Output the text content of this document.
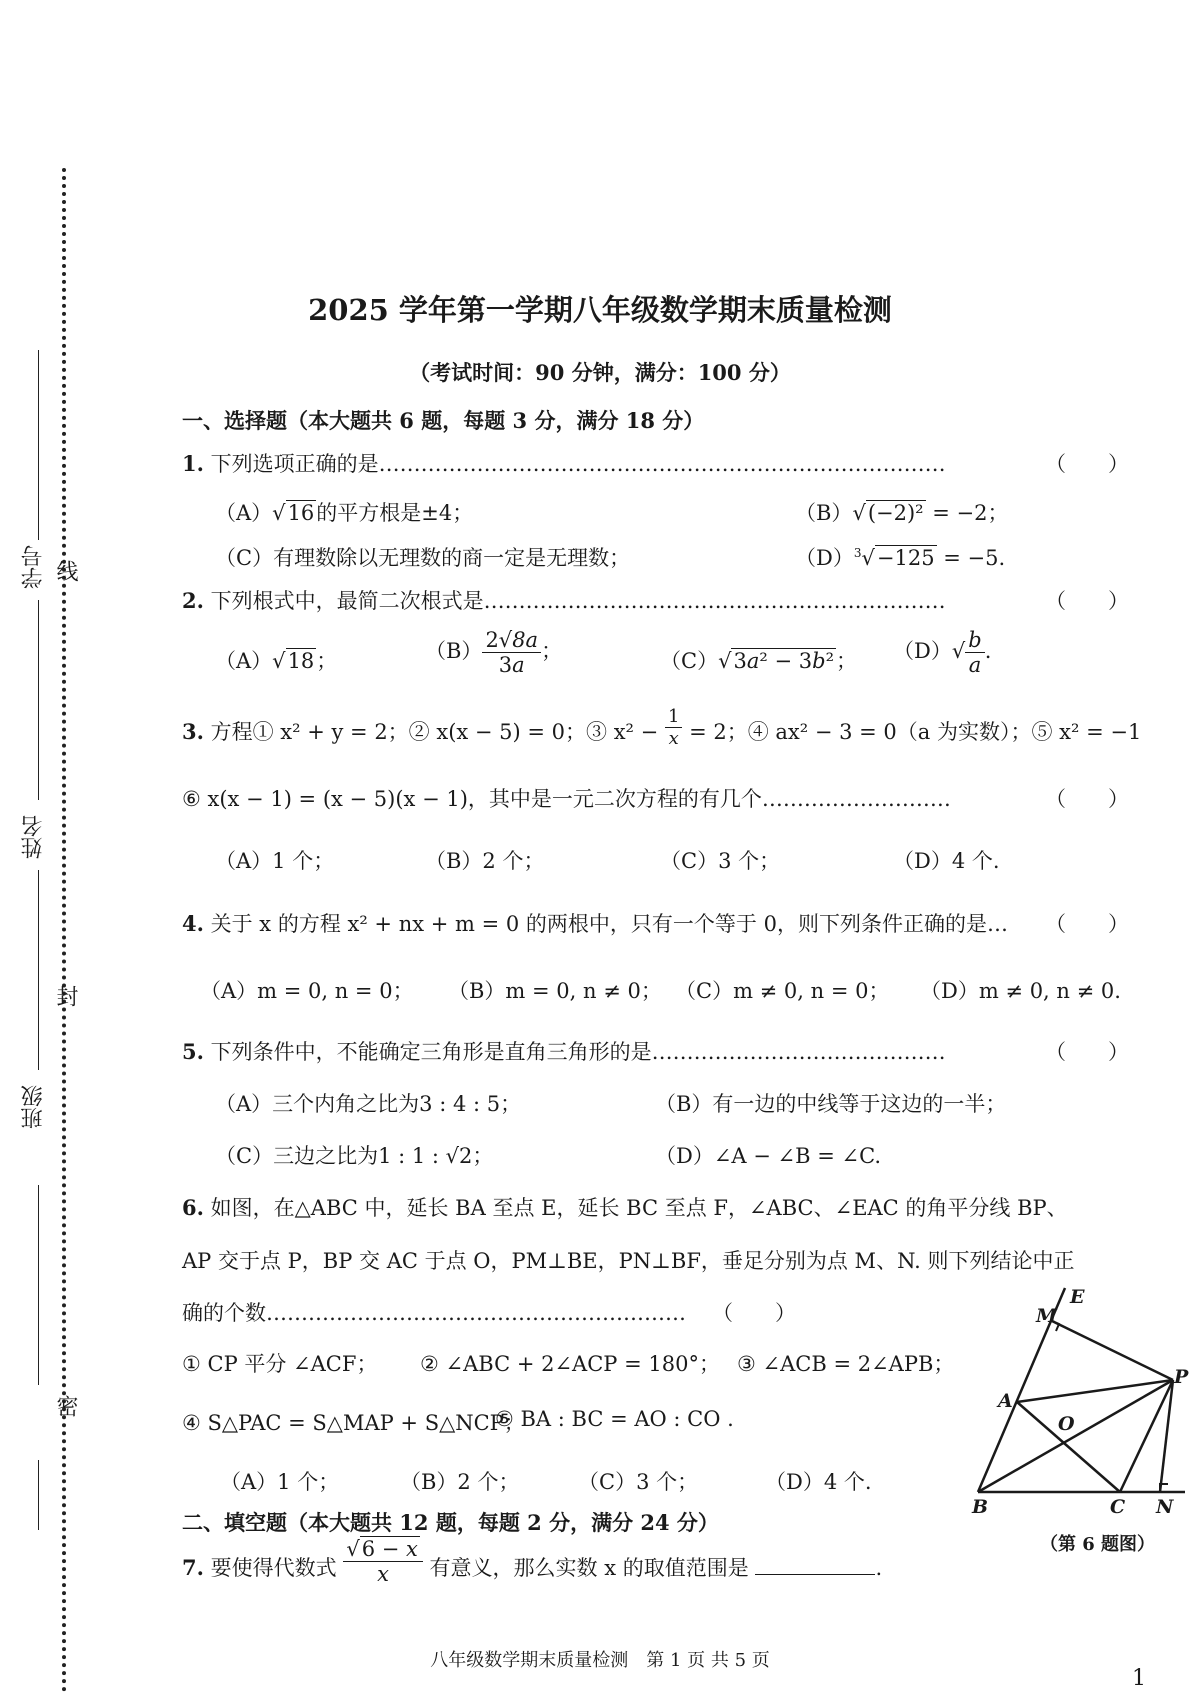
学号 线
姓名
封
班级
密
2025 学年第一学期八年级数学期末质量检测
（考试时间：90 分钟，满分：100 分）
一、选择题（本大题共 6 题，每题 3 分，满分 18 分）
1. 下列选项正确的是………………………………………………………………………	（　　）
（A）√16的平方根是±4；	（B）√(−2)² = −2；
（C）有理数除以无理数的商一定是无理数；	$(D)^3√-125 = -5$.
2. 下列根式中，最简二次根式是…………………………………………………………	（　　）
（A）√18；	$(B) \frac{2√8a}{3a}$ ；	（C）√3a² − 3b²； $(D)√ \frac{b}{a}$ .
3. 方程① x² + y = 2；② x(x − 5) = 0；③ $x^2 - \frac{1}{x} = 2$；④ ax² − 3 = 0（a 为实数）；⑤ x² = −1
⑥ x(x − 1) = (x − 5)(x − 1)，其中是一元二次方程的有几个………………………	（　　）
（A）1 个；	（B）2 个；	（C）3 个；	（D）4 个.
4. 关于 x 的方程 x² + nx + m = 0 的两根中，只有一个等于 0，则下列条件正确的是… （　　）
（A）m = 0, n = 0； （B）m = 0, n ≠ 0； （C）m ≠ 0, n = 0； （D）m ≠ 0, n ≠ 0.
5. 下列条件中，不能确定三角形是直角三角形的是……………………………………	（　　）
（A）三个内角之比为3 : 4 : 5；	（B）有一边的中线等于这边的一半；
（C）三边之比为1 : 1 : √2；	（D）∠A − ∠B = ∠C.
6. 如图，在△ABC 中，延长 BA 至点 E，延长 BC 至点 F，∠ABC、∠EAC 的角平分线 BP、
AP 交于点 P，BP 交 AC 于点 O，PM⊥BE，PN⊥BF，垂足分别为点 M、N. 则下列结论中正
确的个数…………………………………………………… （　　）
① CP 平分 ∠ACF； ② ∠ABC + 2∠ACP = 180°； ③ ∠ACB = 2∠APB；
④ S△PAC = S△MAP + S△NCP；
⑤ BA : BC = AO : CO .
（A）1 个；	（B）2 个；	（C）3 个；	（D）4 个.
E
M
A
P
O
B	C N
（第 6 题图）
二、填空题（本大题共 12 题，每题 2 分，满分 24 分）
7. 要使得代数式 $\frac{√6 - x}{x}$ 有意义，那么实数 x 的取值范围是	.
八年级数学期末质量检测　第 1 页 共 5 页
1
